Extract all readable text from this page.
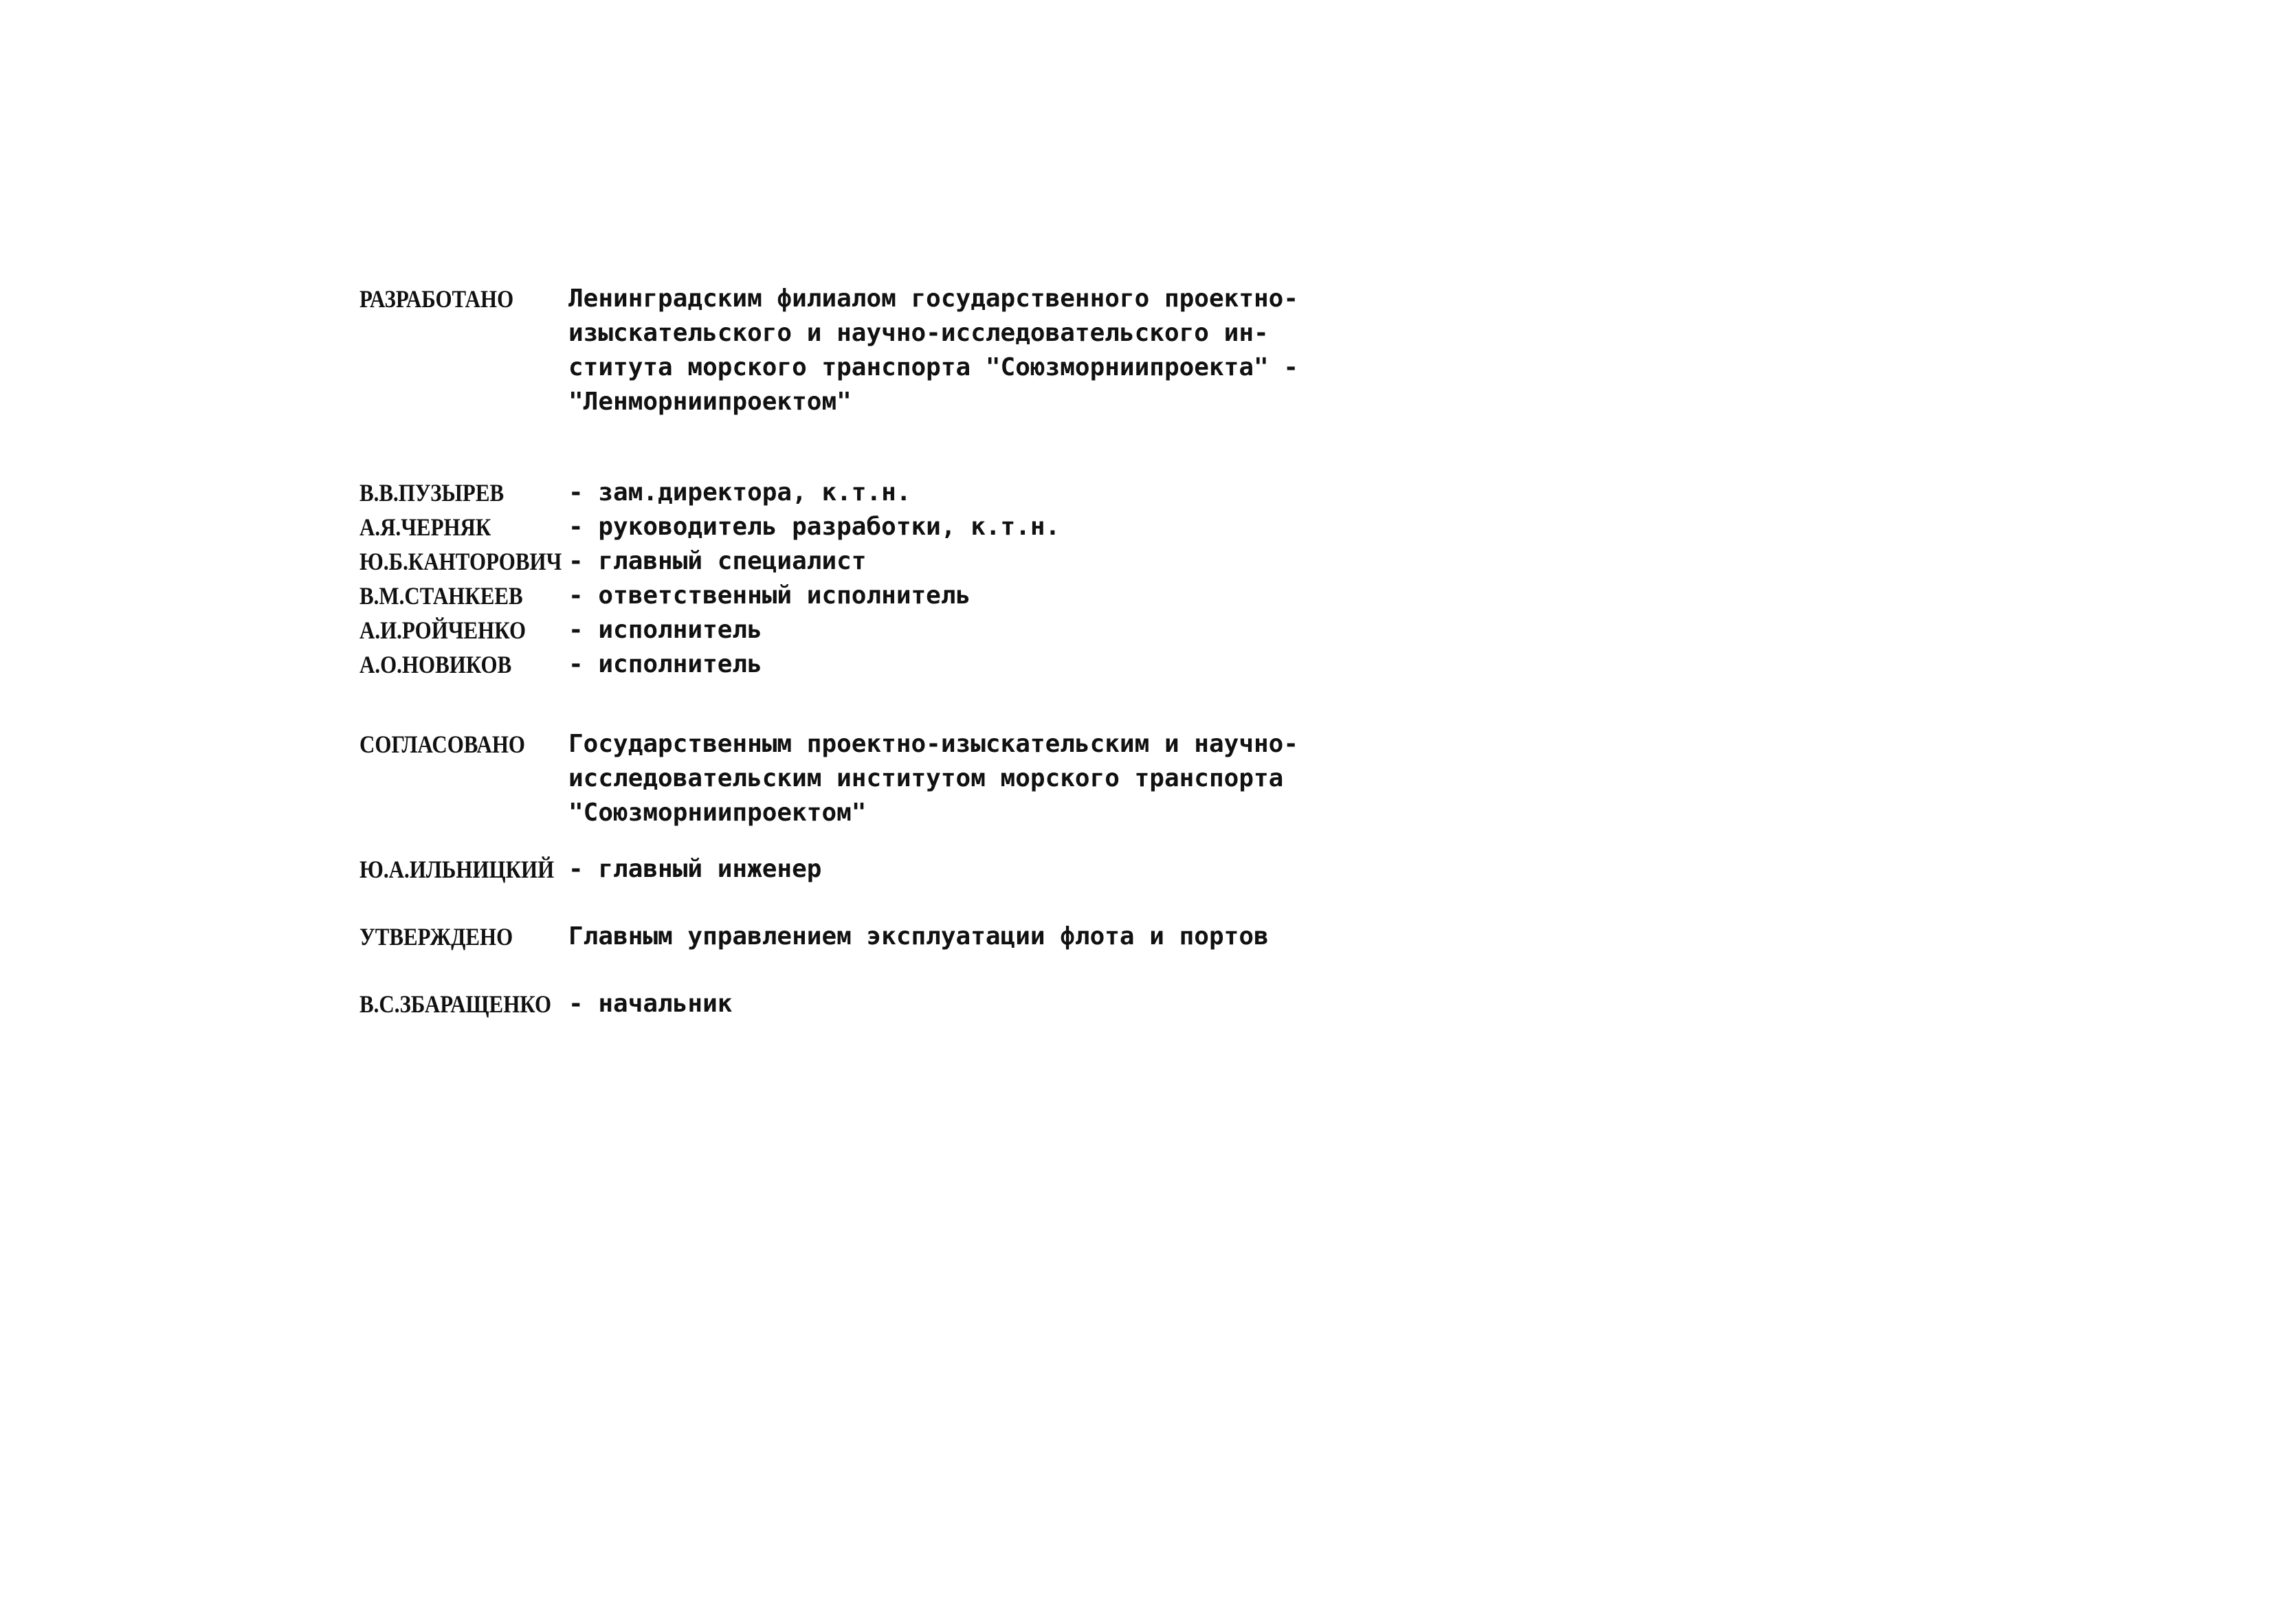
РАЗРАБОТАНО Ленинградским филиалом государственного проектно-
изыскательского и научно-исследовательского ин-
ститута морского транспорта "Союзморниипроекта" -
"Ленморниипроектом"
В.В.ПУЗЫРЕВ	- зам.директора, к.т.н.
А.Я.ЧЕРНЯК	- руководитель разработки, к.т.н.
Ю.Б.КАНТОРОВИЧ - главный специалист
В.М.СТАНКЕЕВ - ответственный исполнитель
А.И.РОЙЧЕНКО - исполнитель
А.О.НОВИКОВ - исполнитель
СОГЛАСОВАНО Государственным проектно-изыскательским и научно-
исследовательским институтом морского транспорта
"Союзморниипроектом"
Ю.А.ИЛЬНИЦКИЙ - главный инженер
УТВЕРЖДЕНО Главным управлением эксплуатации флота и портов
В.С.ЗБАРАЩЕНКО - начальник
